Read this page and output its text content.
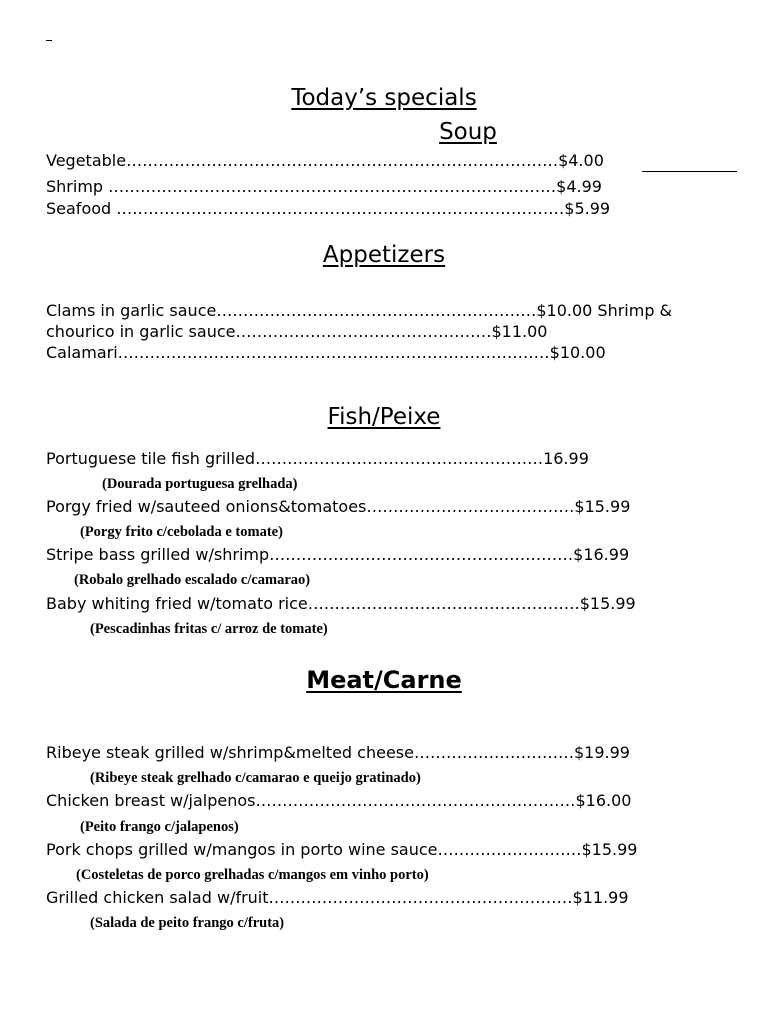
Today’s specials
Soup
Vegetable………………………………………………………………………$4.00
Shrimp …………………………………………………………………………$4.99
Seafood …………………………………………………………………………$5.99
Appetizers
Clams in garlic sauce……………………………………………………$10.00 Shrimp &
chourico in garlic sauce…………………………………………$11.00
Calamari………………………………………………………………………$10.00
Fish/Peixe
Portuguese tile fish grilled………………………………………………16.99
(Dourada portuguesa grelhada)
Porgy fried w/sauteed onions&tomatoes…………………………………$15.99
(Porgy frito c/cebolada e tomate)
Stripe bass grilled w/shrimp…………………………………………………$16.99
(Robalo grelhado escalado c/camarao)
Baby whiting fried w/tomato rice……………………………………………$15.99
(Pescadinhas fritas c/ arroz de tomate)
Meat/Carne
Ribeye steak grilled w/shrimp&melted cheese…………………………$19.99
(Ribeye steak grelhado c/camarao e queijo gratinado)
Chicken breast w/jalpenos……………………………………………………$16.00
(Peito frango c/jalapenos)
Pork chops grilled w/mangos in porto wine sauce………………………$15.99
(Costeletas de porco grelhadas c/mangos em vinho porto)
Grilled chicken salad w/fruit…………………………………………………$11.99
(Salada de peito frango c/fruta)
